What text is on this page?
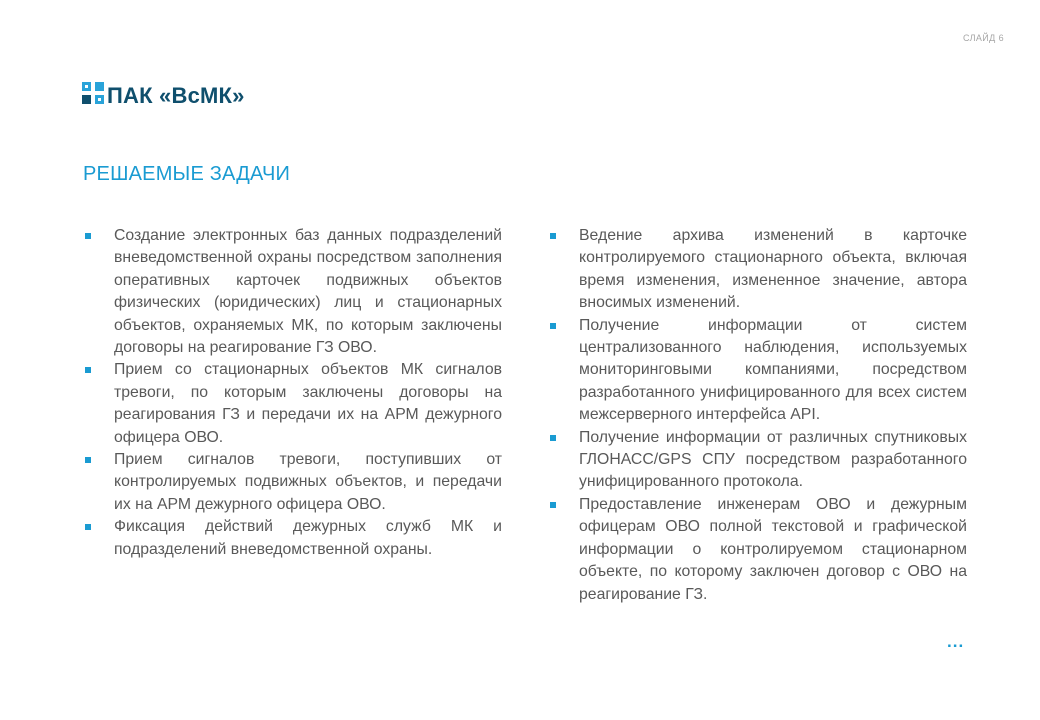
СЛАЙД 6
ПАК «ВсМК»
РЕШАЕМЫЕ ЗАДАЧИ
Создание электронных баз данных подразделений вневедомственной охраны посредством заполнения оперативных карточек подвижных объектов физических (юридических) лиц и стационарных объектов, охраняемых МК, по которым заключены договоры на реагирование ГЗ ОВО.
Прием со стационарных объектов МК сигналов тревоги, по которым заключены договоры на реагирования ГЗ и передачи их на АРМ дежурного офицера ОВО.
Прием сигналов тревоги, поступивших от контролируемых подвижных объектов, и передачи их на АРМ дежурного офицера ОВО.
Фиксация действий дежурных служб МК и подразделений вневедомственной охраны.
Ведение архива изменений в карточке контролируемого стационарного объекта, включая время изменения, измененное значение, автора вносимых изменений.
Получение информации от систем централизованного наблюдения, используемых мониторинговыми компаниями, посредством разработанного унифицированного для всех систем межсерверного интерфейса API.
Получение информации от различных спутниковых ГЛОНАСС/GPS СПУ посредством разработанного унифицированного протокола.
Предоставление инженерам ОВО и дежурным офицерам ОВО полной текстовой и графической информации о контролируемом стационарном объекте, по которому заключен договор с ОВО на реагирование ГЗ.
...
